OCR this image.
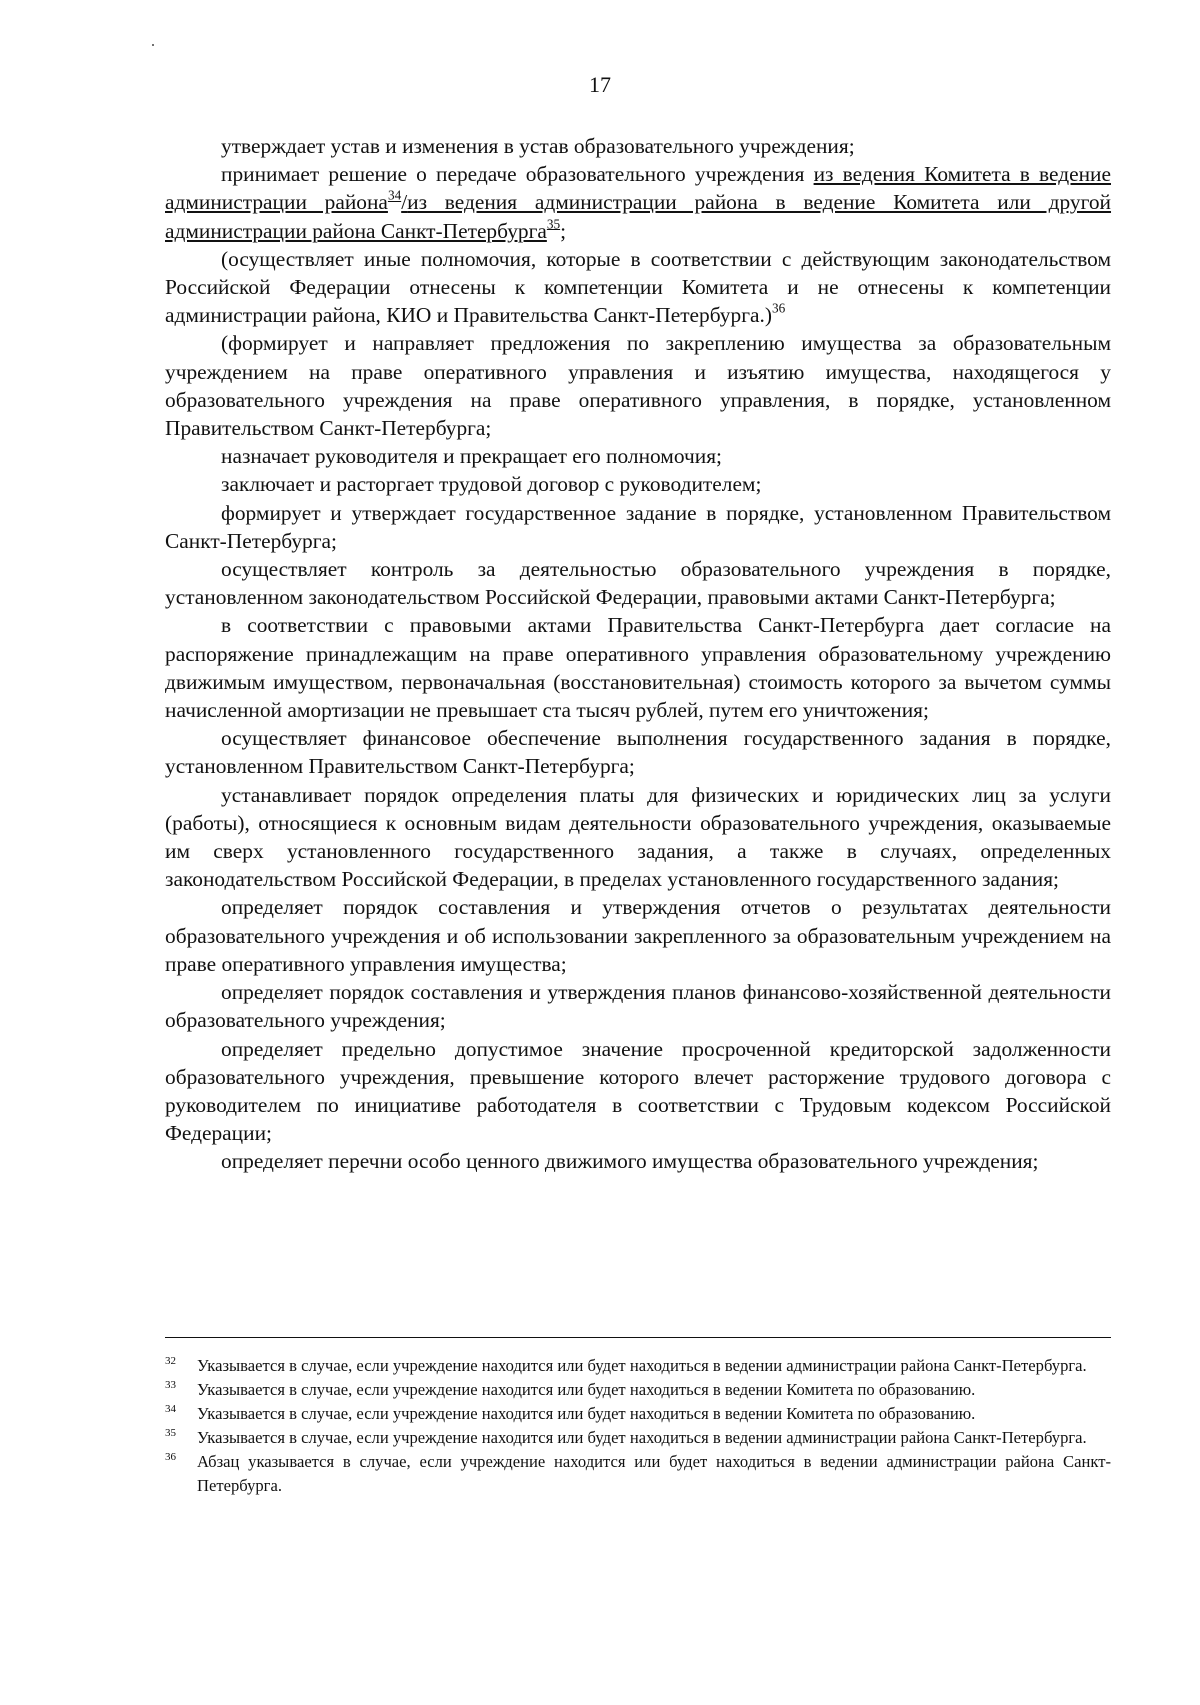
17

утверждает устав и изменения в устав образовательного учреждения;

принимает решение о передаче образовательного учреждения из ведения Комитета в ведение администрации района$^{34}$/из ведения администрации района в ведение Комитета или другой администрации района Санкт-Петербурга$^{35}$;

(осуществляет иные полномочия, которые в соответствии с действующим законодательством Российской Федерации отнесены к компетенции Комитета и не отнесены к компетенции администрации района, КИО и Правительства Санкт-Петербурга.)$^{36}$

(формирует и направляет предложения по закреплению имущества за образовательным учреждением на праве оперативного управления и изъятию имущества, находящегося у образовательного учреждения на праве оперативного управления, в порядке, установленном Правительством Санкт-Петербурга;

назначает руководителя и прекращает его полномочия;

заключает и расторгает трудовой договор с руководителем;

формирует и утверждает государственное задание в порядке, установленном Правительством Санкт-Петербурга;

осуществляет контроль за деятельностью образовательного учреждения в порядке, установленном законодательством Российской Федерации, правовыми актами Санкт-Петербурга;

в соответствии с правовыми актами Правительства Санкт-Петербурга дает согласие на распоряжение принадлежащим на праве оперативного управления образовательному учреждению движимым имуществом, первоначальная (восстановительная) стоимость которого за вычетом суммы начисленной амортизации не превышает ста тысяч рублей, путем его уничтожения;

осуществляет финансовое обеспечение выполнения государственного задания в порядке, установленном Правительством Санкт-Петербурга;

устанавливает порядок определения платы для физических и юридических лиц за услуги (работы), относящиеся к основным видам деятельности образовательного учреждения, оказываемые им сверх установленного государственного задания, а также в случаях, определенных законодательством Российской Федерации, в пределах установленного государственного задания;

определяет порядок составления и утверждения отчетов о результатах деятельности образовательного учреждения и об использовании закрепленного за образовательным учреждением на праве оперативного управления имущества;

определяет порядок составления и утверждения планов финансово-хозяйственной деятельности образовательного учреждения;

определяет предельно допустимое значение просроченной кредиторской задолженности образовательного учреждения, превышение которого влечет расторжение трудового договора с руководителем по инициативе работодателя в соответствии с Трудовым кодексом Российской Федерации;

определяет перечни особо ценного движимого имущества образовательного учреждения;

32 Указывается в случае, если учреждение находится или будет находиться в ведении администрации района Санкт-Петербурга.

33 Указывается в случае, если учреждение находится или будет находиться в ведении Комитета по образованию.

34 Указывается в случае, если учреждение находится или будет находиться в ведении Комитета по образованию.

35 Указывается в случае, если учреждение находится или будет находиться в ведении администрации района Санкт-Петербурга.

36 Абзац указывается в случае, если учреждение находится или будет находиться в ведении администрации района Санкт-Петербурга.
